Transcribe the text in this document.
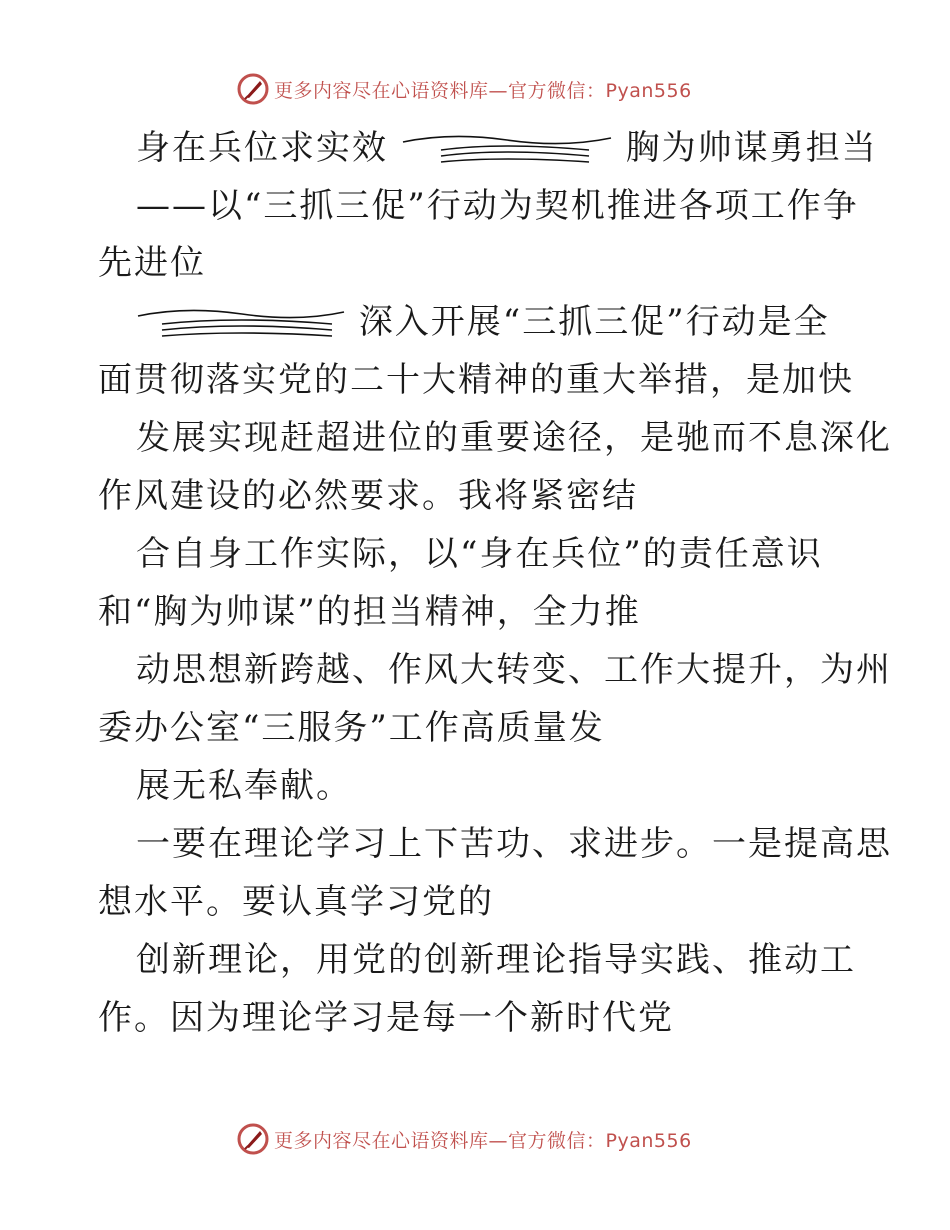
更多内容尽在心语资料库—官方微信：Pyan556
身在兵位求实效	胸为帅谋勇担当
——以“三抓三促”行动为契机推进各项工作争
先进位
深入开展“三抓三促”行动是全
面贯彻落实党的二十大精神的重大举措，是加快
发展实现赶超进位的重要途径，是驰而不息深化
作风建设的必然要求。我将紧密结
合自身工作实际，以“身在兵位”的责任意识
和“胸为帅谋”的担当精神，全力推
动思想新跨越、作风大转变、工作大提升，为州
委办公室“三服务”工作高质量发
展无私奉献。
一要在理论学习上下苦功、求进步。一是提高思
想水平。要认真学习党的
创新理论，用党的创新理论指导实践、推动工
作。因为理论学习是每一个新时代党
更多内容尽在心语资料库—官方微信：Pyan556
